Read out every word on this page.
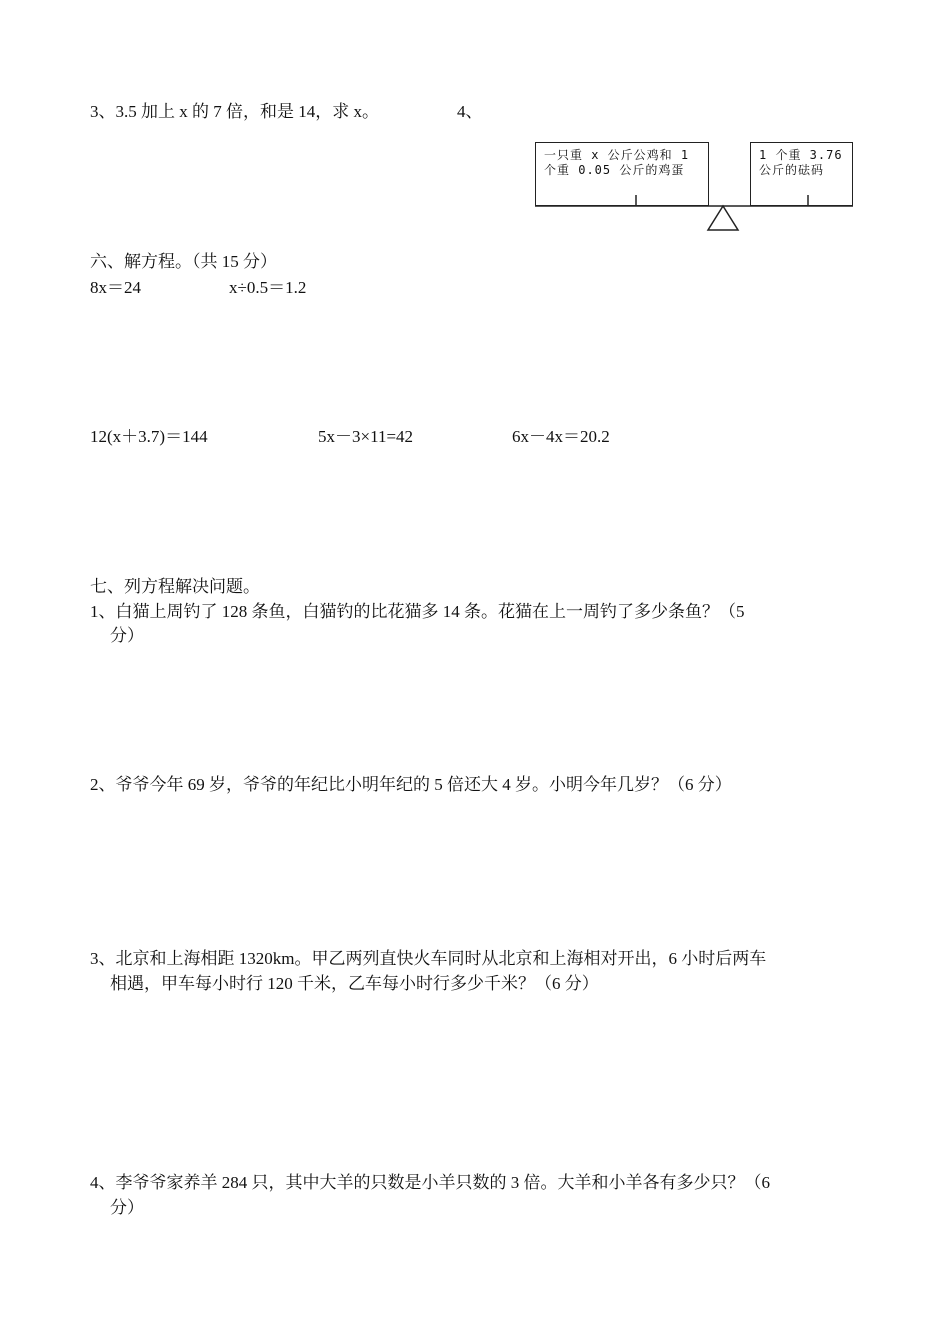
3、3.5 加上 x 的 7 倍，和是 14，求 x。	4、
一只重 x 公斤公鸡和 1 个重 0.05 公斤的鸡蛋
1 个重 3.76 公斤的砝码
六、解方程。（共 15 分）
8x＝24	x÷0.5＝1.2
12(x＋3.7)＝144	5x－3×11=42	6x－4x＝20.2
七、列方程解决问题。
1、白猫上周钓了 128 条鱼，白猫钓的比花猫多 14 条。花猫在上一周钓了多少条鱼？（5
分）
2、爷爷今年 69 岁，爷爷的年纪比小明年纪的 5 倍还大 4 岁。小明今年几岁？（6 分）
3、北京和上海相距 1320km。甲乙两列直快火车同时从北京和上海相对开出，6 小时后两车
相遇，甲车每小时行 120 千米，乙车每小时行多少千米？（6 分）
4、李爷爷家养羊 284 只，其中大羊的只数是小羊只数的 3 倍。大羊和小羊各有多少只？（6
分）
